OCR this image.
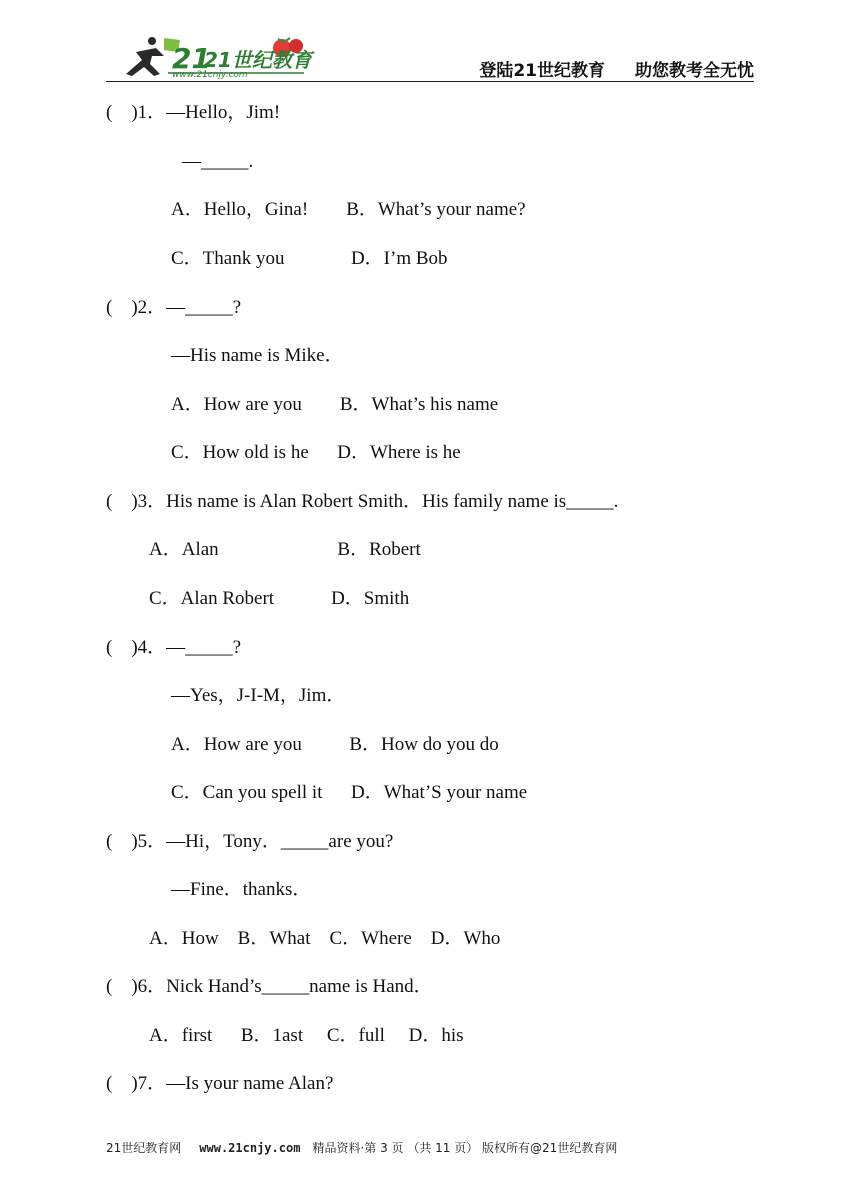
21
21世纪教育
www.21cnjy.com	登陆21世纪教育 助您教考全无忧
(    )1．—Hello，Jim!
—_____.
A．Hello，Gina!        B．What’s your name?
C．Thank you              D．I’m Bob
(    )2．—_____?
—His name is Mike．
A．How are you        B．What’s his name
C．How old is he      D．Where is he
(    )3．His name is Alan Robert Smith．His family name is_____.
A．Alan                         B．Robert
C．Alan Robert            D．Smith
(    )4．—_____?
—Yes，J-I-M，Jim．
A．How are you          B．How do you do
C．Can you spell it      D．What’S your name
(    )5．—Hi，Tony．_____are you?
—Fine．thanks．
A．How    B．What    C．Where    D．Who
(    )6．Nick Hand’s_____name is Hand．
A．first      B．1ast     C．full     D．his
(    )7．—Is your name Alan?
21世纪教育网 www.21cnjy.com 精品资料·第 3 页 （共 11 页） 版权所有@21世纪教育网
